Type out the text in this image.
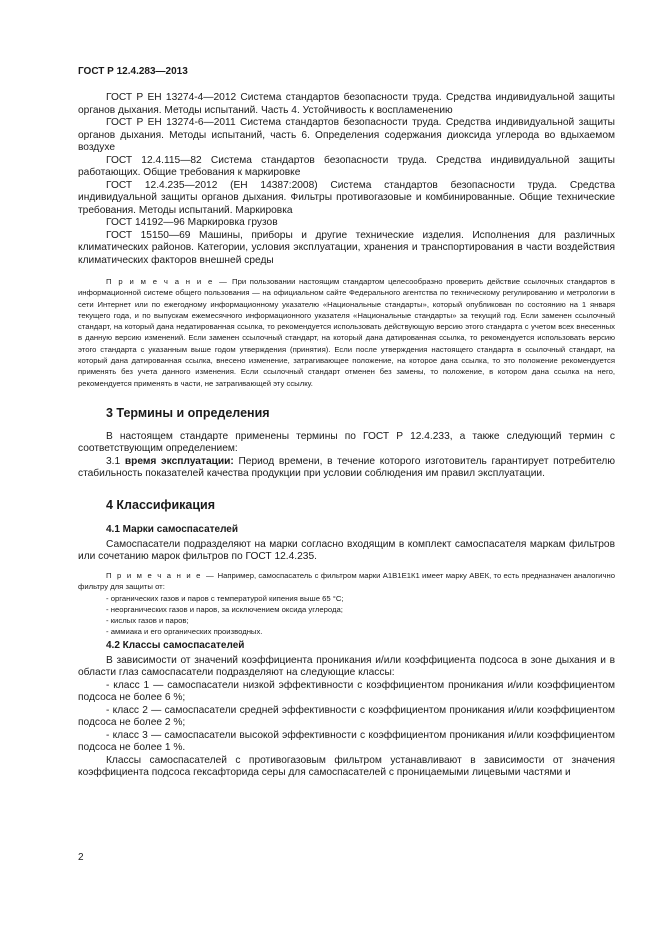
ГОСТ Р 12.4.283—2013

ГОСТ Р ЕН 13274-4—2012 Система стандартов безопасности труда. Средства индивидуальной защиты органов дыхания. Методы испытаний. Часть 4. Устойчивость к воспламенению

ГОСТ Р ЕН 13274-6—2011 Система стандартов безопасности труда. Средства индивидуальной защиты органов дыхания. Методы испытаний, часть 6. Определения содержания диоксида углерода во вдыхаемом воздухе

ГОСТ 12.4.115—82 Система стандартов безопасности труда. Средства индивидуальной защиты работающих. Общие требования к маркировке

ГОСТ 12.4.235—2012 (ЕН 14387:2008) Система стандартов безопасности труда. Средства индивидуальной защиты органов дыхания. Фильтры противогазовые и комбинированные. Общие технические требования. Методы испытаний. Маркировка

ГОСТ 14192—96 Маркировка грузов

ГОСТ 15150—69 Машины, приборы и другие технические изделия. Исполнения для различных климатических районов. Категории, условия эксплуатации, хранения и транспортирования в части воздействия климатических факторов внешней среды

П р и м е ч а н и е — При пользовании настоящим стандартом целесообразно проверить действие ссылочных стандартов в информационной системе общего пользования — на официальном сайте Федерального агентства по техническому регулированию и метрологии в сети Интернет или по ежегодному информационному указателю «Национальные стандарты», который опубликован по состоянию на 1 января текущего года, и по выпускам ежемесячного информационного указателя «Национальные стандарты» за текущий год. Если заменен ссылочный стандарт, на который дана недатированная ссылка, то рекомендуется использовать действующую версию этого стандарта с учетом всех внесенных в данную версию изменений. Если заменен ссылочный стандарт, на который дана датированная ссылка, то рекомендуется использовать версию этого стандарта с указанным выше годом утверждения (принятия). Если после утверждения настоящего стандарта в ссылочный стандарт, на который дана датированная ссылка, внесено изменение, затрагивающее положение, на которое дана ссылка, то это положение рекомендуется применять без учета данного изменения. Если ссылочный стандарт отменен без замены, то положение, в котором дана ссылка на него, рекомендуется применять в части, не затрагивающей эту ссылку.

3 Термины и определения

В настоящем стандарте применены термины по ГОСТ Р 12.4.233, а также следующий термин с соответствующим определением:

3.1 время эксплуатации: Период времени, в течение которого изготовитель гарантирует потребителю стабильность показателей качества продукции при условии соблюдения им правил эксплуатации.

4 Классификация
4.1 Марки самоспасателей

Самоспасатели подразделяют на марки согласно входящим в комплект самоспасателя маркам фильтров или сочетанию марок фильтров по ГОСТ 12.4.235.

П р и м е ч а н и е — Например, самоспасатель с фильтром марки А1В1Е1К1 имеет марку АВЕК, то есть предназначен аналогично фильтру для защиты от:

- органических газов и паров с температурой кипения выше 65 °С;
- неорганических газов и паров, за исключением оксида углерода;
- кислых газов и паров;
- аммиака и его органических производных.
4.2 Классы самоспасателей

В зависимости от значений коэффициента проникания и/или коэффициента подсоса в зоне дыхания и в области глаз самоспасатели подразделяют на следующие классы:

- класс 1 — самоспасатели низкой эффективности с коэффициентом проникания и/или коэффициентом подсоса не более 6 %;
- класс 2 — самоспасатели средней эффективности с коэффициентом проникания и/или коэффициентом подсоса не более 2 %;
- класс 3 — самоспасатели высокой эффективности с коэффициентом проникания и/или коэффициентом подсоса не более 1 %.

Классы самоспасателей с противогазовым фильтром устанавливают в зависимости от значения коэффициента подсоса гексафторида серы для самоспасателей с проницаемыми лицевыми частями и

2
